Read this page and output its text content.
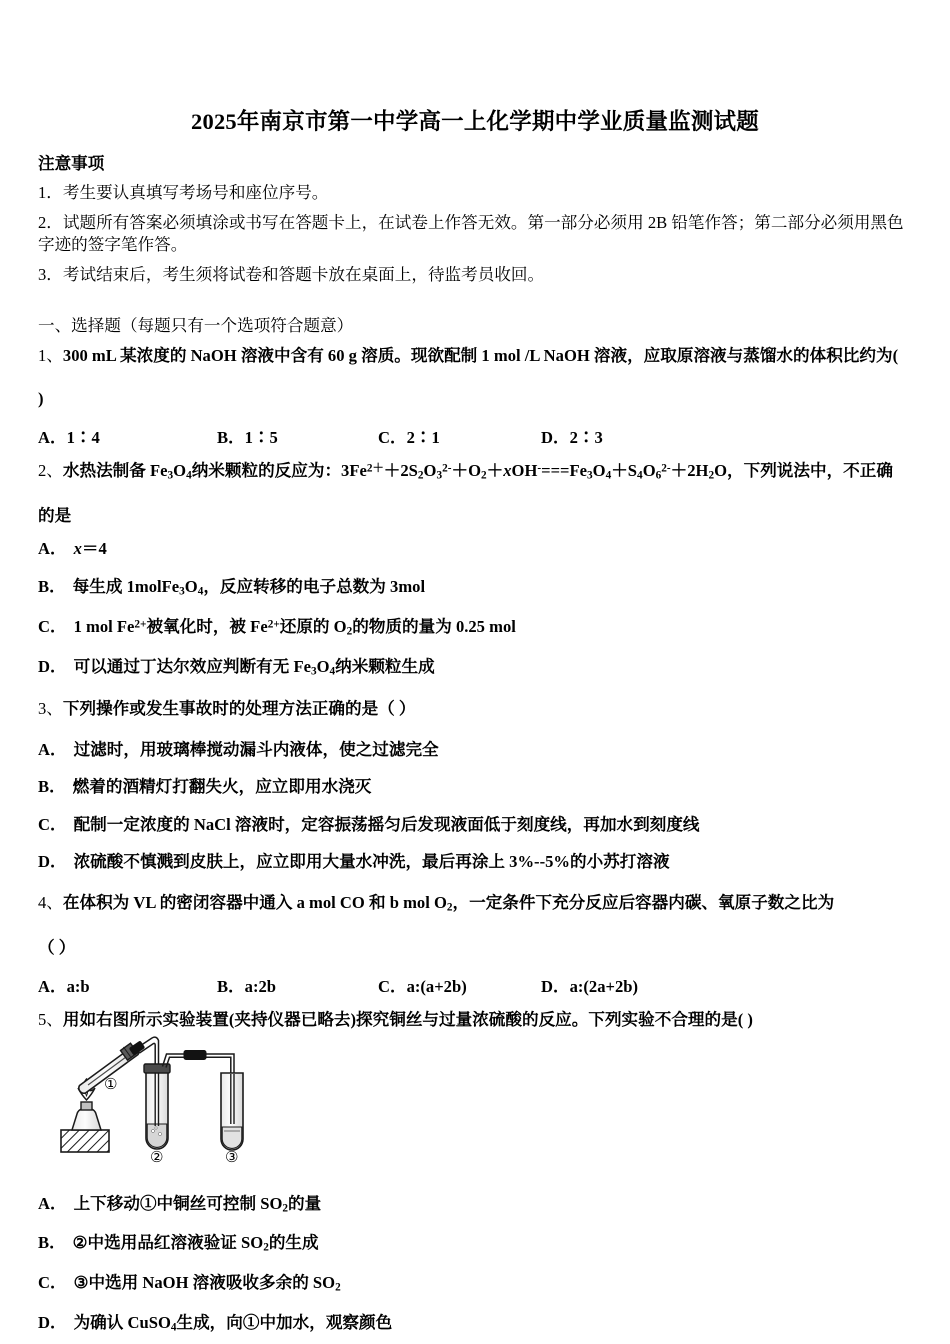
2025年南京市第一中学高一上化学期中学业质量监测试题
注意事项
1．考生要认真填写考场号和座位序号。
2．试题所有答案必须填涂或书写在答题卡上，在试卷上作答无效。第一部分必须用 2B 铅笔作答；第二部分必须用黑色字迹的签字笔作答。
3．考试结束后，考生须将试卷和答题卡放在桌面上，待监考员收回。
一、选择题（每题只有一个选项符合题意）
1、300 mL 某浓度的 NaOH 溶液中含有 60 g 溶质。现欲配制 1 mol /L NaOH 溶液，应取原溶液与蒸馏水的体积比约为(
)
A．1∶4	B．1∶5	C．2∶1	D．2∶3
2、水热法制备 $Fe_3O_4$纳米颗粒的反应为：$3Fe^{2+}+2S_2O_3^{2-}+O_2+xOH^-===Fe_3O_4+S_4O_6^{2-}+2H_2O$，下列说法中，不正确
的是
A． x＝4
B． 每生成 $1molFe_3O_4$，反应转移的电子总数为 3mol
C． 1 mol $Fe^{2+}$被氧化时，被 $Fe^{2+}$还原的 $O_2$的物质的量为 0.25 mol
D． 可以通过丁达尔效应判断有无 $Fe_3O_4$纳米颗粒生成
3、下列操作或发生事故时的处理方法正确的是（ ）
A． 过滤时，用玻璃棒搅动漏斗内液体，使之过滤完全
B． 燃着的酒精灯打翻失火，应立即用水浇灭
C． 配制一定浓度的 NaCl 溶液时，定容振荡摇匀后发现液面低于刻度线，再加水到刻度线
D． 浓硫酸不慎溅到皮肤上，应立即用大量水冲洗，最后再涂上 3%--5%的小苏打溶液
4、在体积为 VL 的密闭容器中通入 a mol CO 和 b mol $O_2$，一定条件下充分反应后容器内碳、氧原子数之比为
（ ）
A．a:b	B．a:2b	C．a:(a+2b)	D．a:(2a+2b)
5、用如右图所示实验装置(夹持仪器已略去)探究铜丝与过量浓硫酸的反应。下列实验不合理的是( )
①
②	③
A． 上下移动①中铜丝可控制 $SO_2$的量
B． ②中选用品红溶液验证 $SO_2$的生成
C． ③中选用 NaOH 溶液吸收多余的 $SO_2$
D． 为确认 CuSO$_4$生成，向①中加水，观察颜色
